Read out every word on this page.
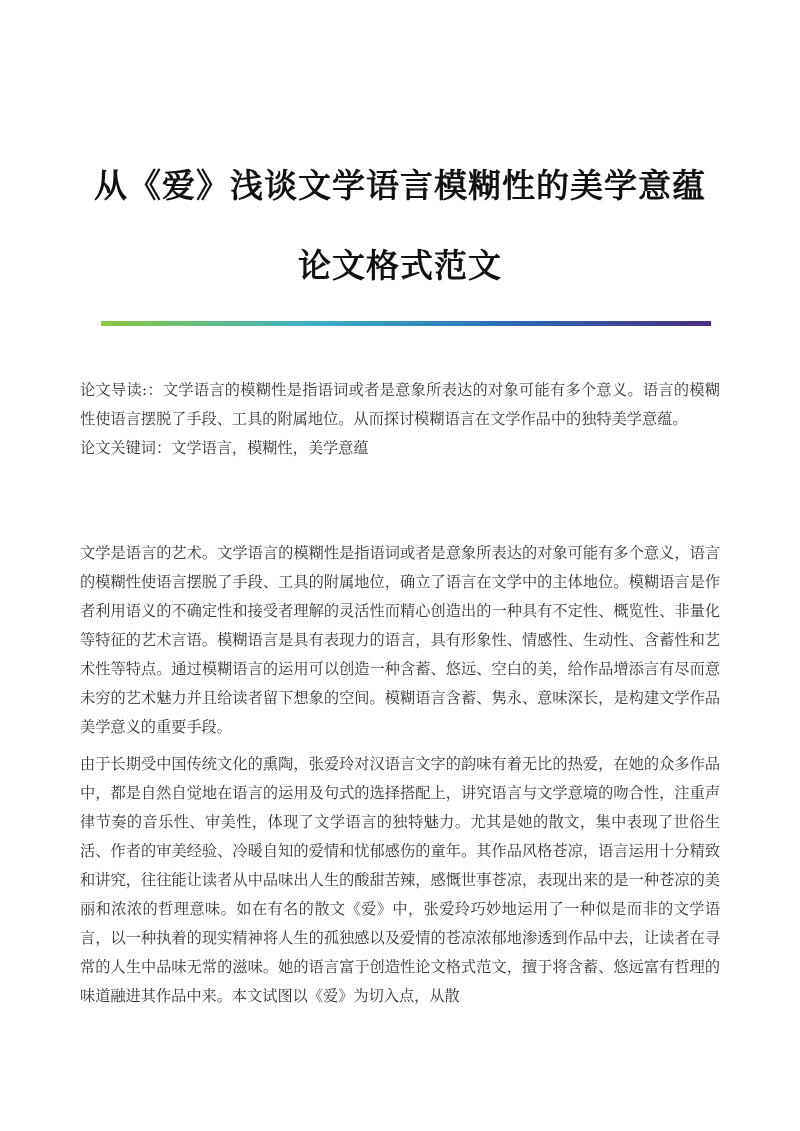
从《爱》浅谈文学语言模糊性的美学意蕴
论文格式范文

论文导读:：文学语言的模糊性是指语词或者是意象所表达的对象可能有多个意义。语言的模糊性使语言摆脱了手段、工具的附属地位。从而探讨模糊语言在文学作品中的独特美学意蕴。

论文关键词：文学语言，模糊性，美学意蕴

文学是语言的艺术。文学语言的模糊性是指语词或者是意象所表达的对象可能有多个意义，语言的模糊性使语言摆脱了手段、工具的附属地位，确立了语言在文学中的主体地位。模糊语言是作者利用语义的不确定性和接受者理解的灵活性而精心创造出的一种具有不定性、概览性、非量化等特征的艺术言语。模糊语言是具有表现力的语言，具有形象性、情感性、生动性、含蓄性和艺术性等特点。通过模糊语言的运用可以创造一种含蓄、悠远、空白的美，给作品增添言有尽而意未穷的艺术魅力并且给读者留下想象的空间。模糊语言含蓄、隽永、意味深长，是构建文学作品美学意义的重要手段。

由于长期受中国传统文化的熏陶，张爱玲对汉语言文字的韵味有着无比的热爱，在她的众多作品中，都是自然自觉地在语言的运用及句式的选择搭配上，讲究语言与文学意境的吻合性，注重声律节奏的音乐性、审美性，体现了文学语言的独特魅力。尤其是她的散文，集中表现了世俗生活、作者的审美经验、冷暖自知的爱情和忧郁感伤的童年。其作品风格苍凉，语言运用十分精致和讲究，往往能让读者从中品味出人生的酸甜苦辣，感慨世事苍凉，表现出来的是一种苍凉的美丽和浓浓的哲理意味。如在有名的散文《爱》中，张爱玲巧妙地运用了一种似是而非的文学语言，以一种执着的现实精神将人生的孤独感以及爱情的苍凉浓郁地渗透到作品中去，让读者在寻常的人生中品味无常的滋味。她的语言富于创造性论文格式范文，擅于将含蓄、悠远富有哲理的味道融进其作品中来。本文试图以《爱》为切入点，从散
